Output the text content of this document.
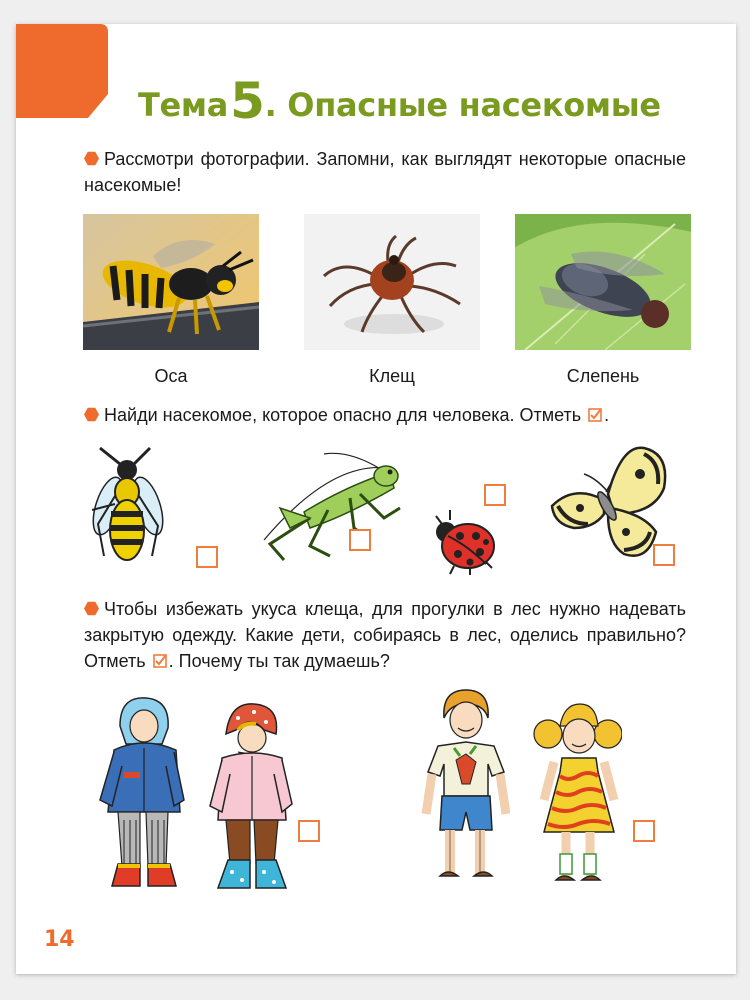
Тема5. Опасные насекомые
Рассмотри фотографии. Запомни, как выглядят некоторые опасные насекомые!
Оса	Клещ	Слепень
Найди насекомое, которое опасно для человека. Отметь .
Чтобы избежать укуса клеща, для прогулки в лес нужно надевать закрытую одежду. Какие дети, собираясь в лес, оделись правильно? Отметь . Почему ты так думаешь?
14
